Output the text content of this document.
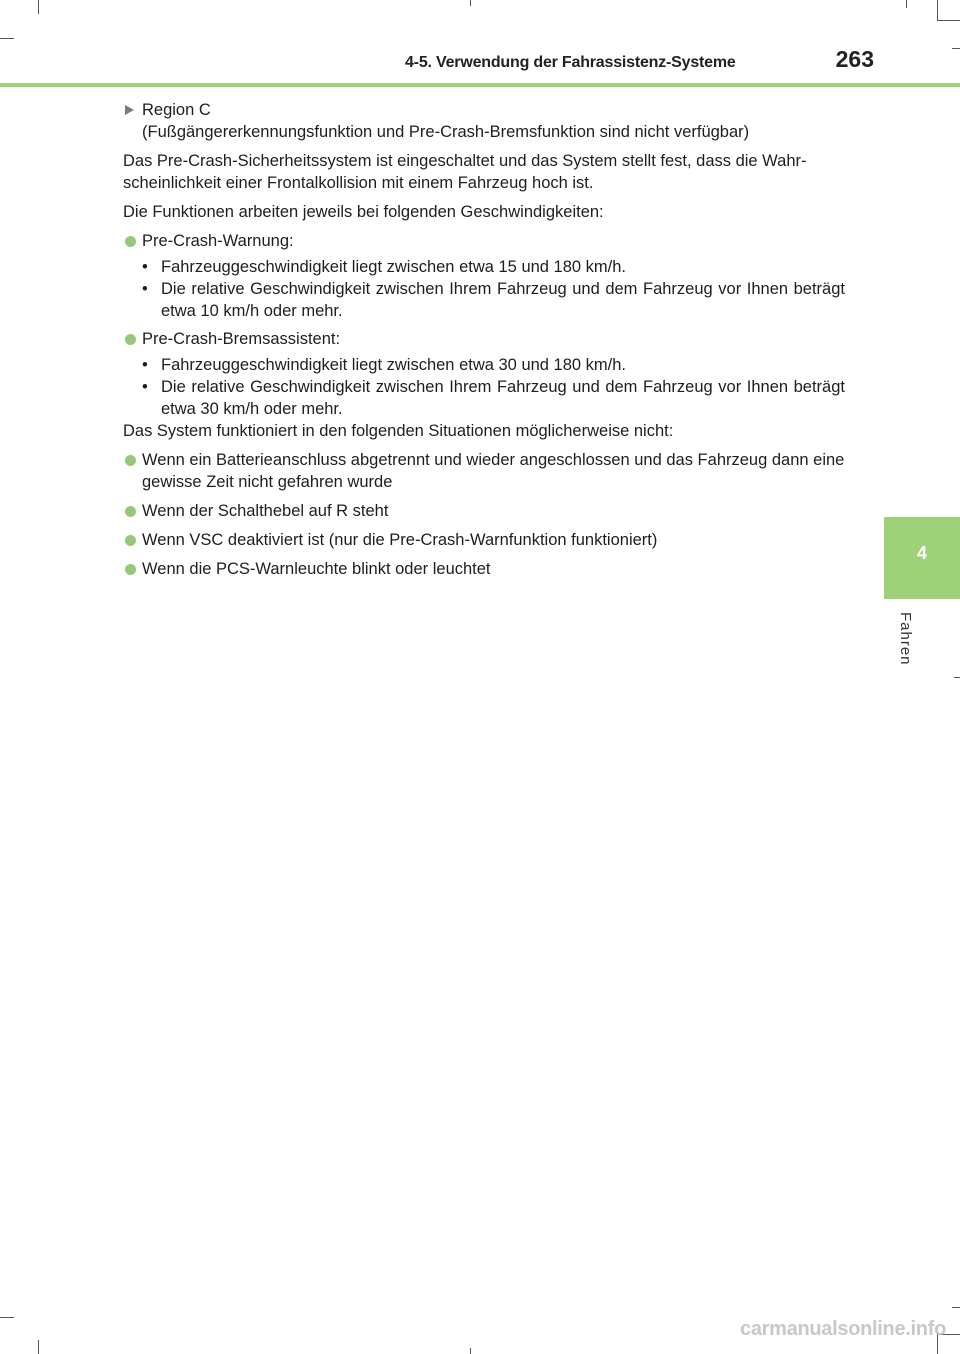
4-5. Verwendung der Fahrassistenz-Systeme	263
Region C
(Fußgängererkennungsfunktion und Pre-Crash-Bremsfunktion sind nicht verfügbar)

Das Pre-Crash-Sicherheitssystem ist eingeschaltet und das System stellt fest, dass die Wahr-scheinlichkeit einer Frontalkollision mit einem Fahrzeug hoch ist.

Die Funktionen arbeiten jeweils bei folgenden Geschwindigkeiten:

Pre-Crash-Warnung:
• Fahrzeuggeschwindigkeit liegt zwischen etwa 15 und 180 km/h.
• Die relative Geschwindigkeit zwischen Ihrem Fahrzeug und dem Fahrzeug vor Ihnen beträgt etwa 10 km/h oder mehr.
Pre-Crash-Bremsassistent:
• Fahrzeuggeschwindigkeit liegt zwischen etwa 30 und 180 km/h.
• Die relative Geschwindigkeit zwischen Ihrem Fahrzeug und dem Fahrzeug vor Ihnen beträgt etwa 30 km/h oder mehr.

Das System funktioniert in den folgenden Situationen möglicherweise nicht:

Wenn ein Batterieanschluss abgetrennt und wieder angeschlossen und das Fahrzeug dann eine gewisse Zeit nicht gefahren wurde
Wenn der Schalthebel auf R steht
Wenn VSC deaktiviert ist (nur die Pre-Crash-Warnfunktion funktioniert)
Wenn die PCS-Warnleuchte blinkt oder leuchtet
4
Fahren
carmanualsonline.info
